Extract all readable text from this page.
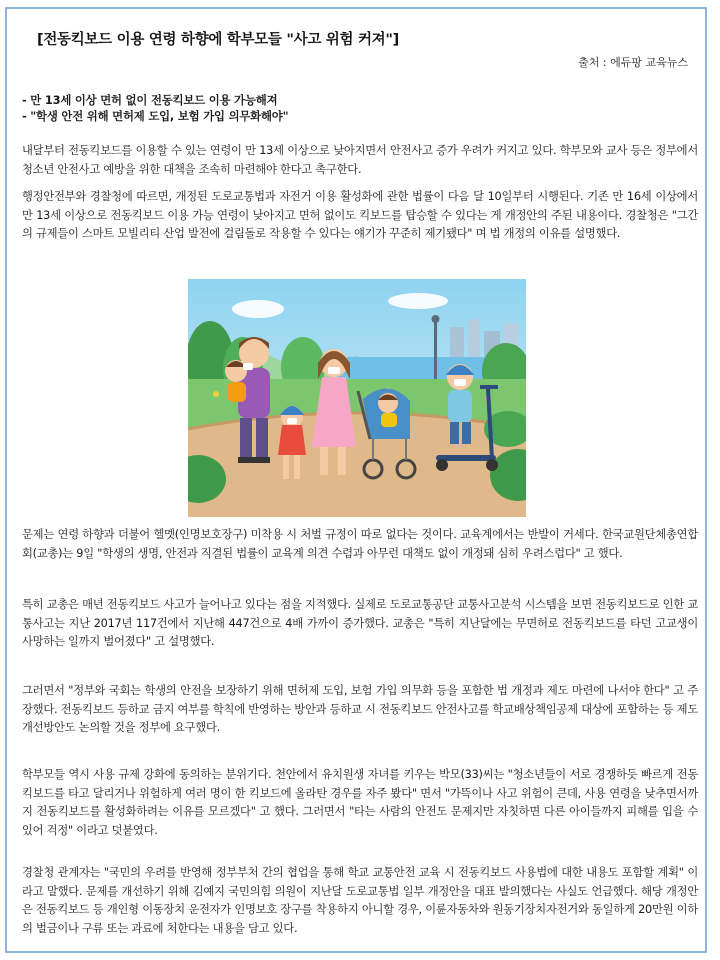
[전동킥보드 이용 연령 하향에 학부모들 "사고 위험 커져"]
출처 : 에듀팡 교육뉴스
- 만 13세 이상 면허 없이 전동킥보드 이용 가능해져
- "학생 안전 위해 면허제 도입, 보험 가입 의무화해야"
내달부터 전동킥보드를 이용할 수 있는 연령이 만 13세 이상으로 낮아지면서 안전사고 증가 우려가 커지고 있다. 학부모와 교사 등은 정부에서 청소년 안전사고 예방을 위한 대책을 조속히 마련해야 한다고 촉구한다.
행정안전부와 경찰청에 따르면, 개정된 도로교통법과 자전거 이용 활성화에 관한 법률이 다음 달 10일부터 시행된다. 기존 만 16세 이상에서 만 13세 이상으로 전동킥보드 이용 가능 연령이 낮아지고 면허 없이도 킥보드를 탑승할 수 있다는 게 개정안의 주된 내용이다. 경찰청은 "그간의 규제들이 스마트 모빌리티 산업 발전에 걸림돌로 작용할 수 있다는 얘기가 꾸준히 제기됐다" 며 법 개정의 이유를 설명했다.
문제는 연령 하향과 더불어 헬멧(인명보호장구) 미착용 시 처벌 규정이 따로 없다는 것이다. 교육계에서는 반발이 거세다. 한국교원단체총연합회(교총)는 9일 "학생의 생명, 안전과 직결된 법률이 교육계 의견 수렴과 아무런 대책도 없이 개정돼 심히 우려스럽다" 고 했다.
특히 교총은 매년 전동킥보드 사고가 늘어나고 있다는 점을 지적했다. 실제로 도로교통공단 교통사고분석 시스템을 보면 전동킥보드로 인한 교통사고는 지난 2017년 117건에서 지난해 447건으로 4배 가까이 증가했다. 교총은 "특히 지난달에는 무면허로 전동킥보드를 타던 고교생이 사망하는 일까지 벌어졌다" 고 설명했다.
그러면서 "정부와 국회는 학생의 안전을 보장하기 위해 면허제 도입, 보험 가입 의무화 등을 포함한 법 개정과 제도 마련에 나서야 한다" 고 주장했다. 전동킥보드 등하교 금지 여부를 학칙에 반영하는 방안과 등하교 시 전동킥보드 안전사고를 학교배상책임공제 대상에 포함하는 등 제도 개선방안도 논의할 것을 정부에 요구했다.
학부모들 역시 사용 규제 강화에 동의하는 분위기다. 천안에서 유치원생 자녀를 키우는 박모(33)씨는 "청소년들이 서로 경쟁하듯 빠르게 전동킥보드를 타고 달리거나 위험하게 여러 명이 한 킥보드에 올라탄 경우를 자주 봤다" 면서 "가뜩이나 사고 위험이 큰데, 사용 연령을 낮추면서까지 전동킥보드를 활성화하려는 이유를 모르겠다" 고 했다. 그러면서 "타는 사람의 안전도 문제지만 자칫하면 다른 아이들까지 피해를 입을 수 있어 걱정" 이라고 덧붙였다.
경찰청 관계자는 "국민의 우려를 반영해 정부부처 간의 협업을 통해 학교 교통안전 교육 시 전동킥보드 사용법에 대한 내용도 포함할 계획" 이라고 말했다. 문제를 개선하기 위해 김예지 국민의힘 의원이 지난달 도로교통법 일부 개정안을 대표 발의했다는 사실도 언급했다. 해당 개정안은 전동킥보드 등 개인형 이동장치 운전자가 인명보호 장구를 착용하지 아니할 경우, 이륜자동차와 원동기장치자전거와 동일하게 20만원 이하의 벌금이나 구류 또는 과료에 처한다는 내용을 담고 있다.
